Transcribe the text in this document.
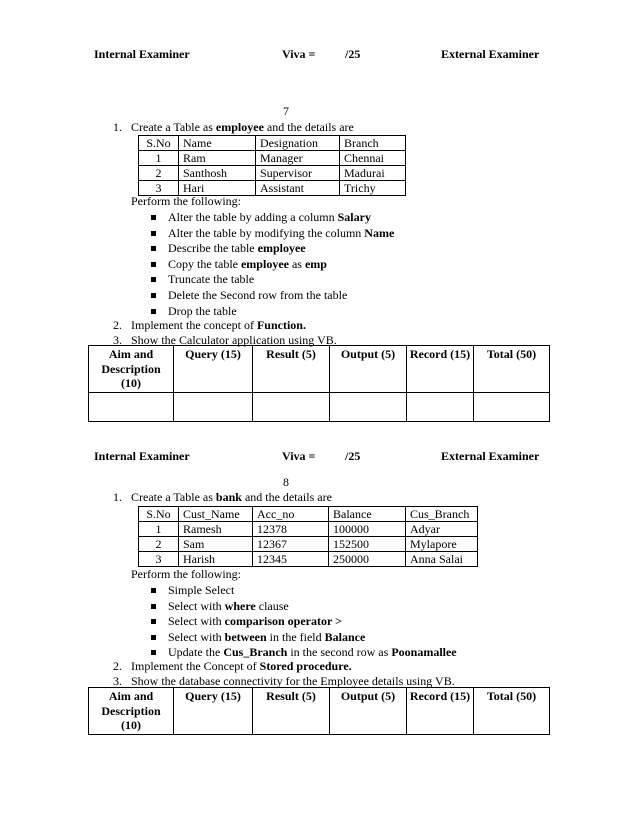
Internal Examiner	Viva = /25	External Examiner
7
1. Create a Table as employee and the details are
S.No	Name	Designation	Branch
1	Ram	Manager	Chennai
2	Santhosh	Supervisor	Madurai
3	Hari	Assistant	Trichy
Perform the following:
Alter the table by adding a column Salary
Alter the table by modifying the column Name
Describe the table employee
Copy the table employee as emp
Truncate the table
Delete the Second row from the table
Drop the table
2. Implement the concept of Function.
3. Show the Calculator application using VB.
Aim and Description (10)	Query (15)	Result (5)	Output (5)	Record (15)	Total (50)

Internal Examiner	Viva = /25	External Examiner
8
1. Create a Table as bank and the details are
S.No	Cust_Name	Acc_no	Balance	Cus_Branch
1	Ramesh	12378	100000	Adyar
2	Sam	12367	152500	Mylapore
3	Harish	12345	250000	Anna Salai
Perform the following:
Simple Select
Select with where clause
Select with comparison operator >
Select with between in the field Balance
Update the Cus_Branch in the second row as Poonamallee
2. Implement the Concept of Stored procedure.
3. Show the database connectivity for the Employee details using VB.
Aim and Description (10)	Query (15)	Result (5)	Output (5)	Record (15)	Total (50)
